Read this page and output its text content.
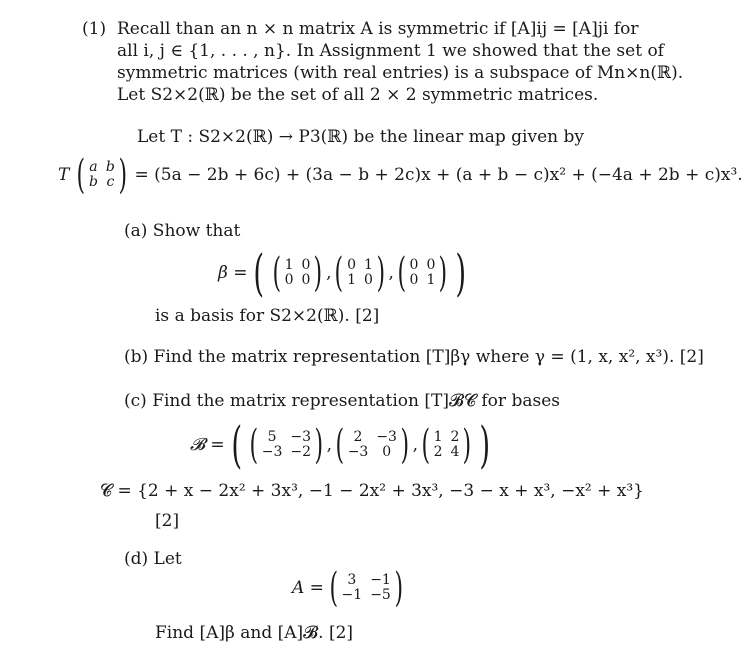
(1) Recall than an n × n matrix A is symmetric if [A]ij = [A]ji for
all i, j ∈ {1, . . . , n}. In Assignment 1 we showed that the set of
symmetric matrices (with real entries) is a subspace of Mn×n(ℝ).
Let S2×2(ℝ) be the set of all 2 × 2 symmetric matrices.
Let T : S2×2(ℝ) → P3(ℝ) be the linear map given by
T ( a b
b c ) = (5a − 2b + 6c) + (3a − b + 2c)x + (a + b − c)x² + (−4a + 2b + c)x³.
(a) Show that
β = ( ( 1 0
0 0 ) , ( 0 1
1 0 ) , ( 0 0
0 1 ) )
is a basis for S2×2(ℝ). [2]
(b) Find the matrix representation [T]βγ where γ = (1, x, x², x³). [2]
(c) Find the matrix representation [T]𝓑𝓒 for bases
𝓑 = ( ( 5 −3
−3 −2 ) , ( 2 −3
−3 0 ) , ( 1 2
2 4 ) )
𝓒 = {2 + x − 2x² + 3x³, −1 − 2x² + 3x³, −3 − x + x³, −x² + x³}
[2]
(d) Let
A = ( 3 −1
−1 −5 )
Find [A]β and [A]𝓑. [2]
